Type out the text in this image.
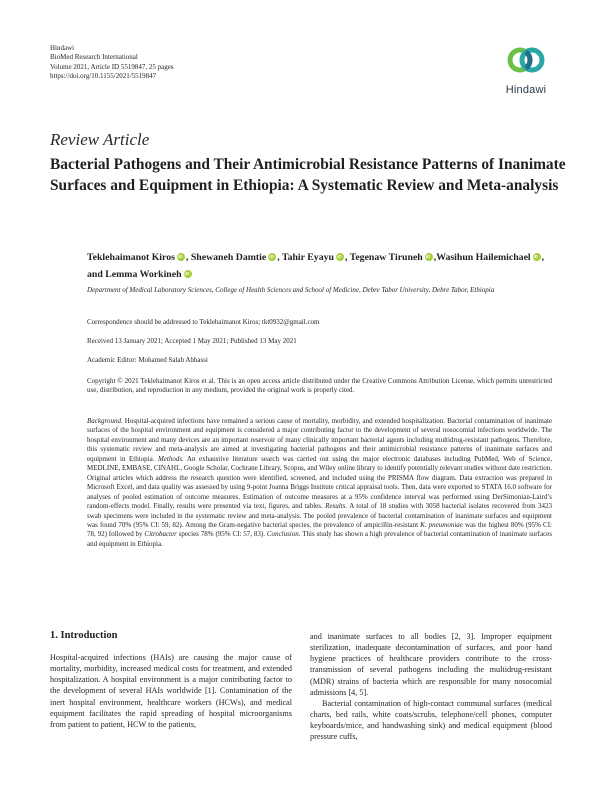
Hindawi
BioMed Research International
Volume 2021, Article ID 5519847, 25 pages
https://doi.org/10.1155/2021/5519847
Hindawi
Review Article
Bacterial Pathogens and Their Antimicrobial Resistance Patterns of Inanimate Surfaces and Equipment in Ethiopia: A Systematic Review and Meta-analysis
Teklehaimanot Kiros iD , Shewaneh Damtie iD , Tahir Eyayu iD , Tegenaw Tiruneh iD ,Wasihun Hailemichael iD , and Lemma WorkinehiD
Department of Medical Laboratory Sciences, College of Health Sciences and School of Medicine, Debre Tabor University, Debre Tabor, Ethiopia
Correspondence should be addressed to Teklehaimanot Kiros; tkt0932@gmail.com
Received 13 January 2021; Accepted 1 May 2021; Published 13 May 2021
Academic Editor: Mohamed Salah Abbassi
Copyright © 2021 Teklehaimanot Kiros et al. This is an open access article distributed under the Creative Commons Attribution License, which permits unrestricted use, distribution, and reproduction in any medium, provided the original work is properly cited.
Background. Hospital-acquired infections have remained a serious cause of mortality, morbidity, and extended hospitalization. Bacterial contamination of inanimate surfaces of the hospital environment and equipment is considered a major contributing factor to the development of several nosocomial infections worldwide. The hospital environment and many devices are an important reservoir of many clinically important bacterial agents including multidrug-resistant pathogens. Therefore, this systematic review and meta-analysis are aimed at investigating bacterial pathogens and their antimicrobial resistance patterns of inanimate surfaces and equipment in Ethiopia. Methods. An exhaustive literature search was carried out using the major electronic databases including PubMed, Web of Science, MEDLINE, EMBASE, CINAHL, Google Scholar, Cochrane Library, Scopus, and Wiley online library to identify potentially relevant studies without date restriction. Original articles which address the research question were identified, screened, and included using the PRISMA flow diagram. Data extraction was prepared in Microsoft Excel, and data quality was assessed by using 9-point Joanna Briggs Institute critical appraisal tools. Then, data were exported to STATA 16.0 software for analyses of pooled estimation of outcome measures. Estimation of outcome measures at a 95% confidence interval was performed using DerSimonian-Laird’s random-effects model. Finally, results were presented via text, figures, and tables. Results. A total of 18 studies with 3058 bacterial isolates recovered from 3423 swab specimens were included in the systematic review and meta-analysis. The pooled prevalence of bacterial contamination of inanimate surfaces and equipment was found 70% (95% CI: 59, 82). Among the Gram-negative bacterial species, the prevalence of ampicillin-resistant K. pneumoniae was the highest 80% (95% CI: 78, 92) followed by Citrobacter species 78% (95% CI: 57, 83). Conclusion. This study has shown a high prevalence of bacterial contamination of inanimate surfaces and equipment in Ethiopia.
1. Introduction

Hospital-acquired infections (HAIs) are causing the major cause of mortality, morbidity, increased medical costs for treatment, and extended hospitalization. A hospital environment is a major contributing factor to the development of several HAIs worldwide [1]. Contamination of the inert hospital environment, healthcare workers (HCWs), and medical equipment facilitates the rapid spreading of hospital microorganisms from patient to patient, HCW to the patients,

and inanimate surfaces to all bodies [2, 3]. Improper equipment sterilization, inadequate decontamination of surfaces, and poor hand hygiene practices of healthcare providers contribute to the cross-transmission of several pathogens including the multidrug-resistant (MDR) strains of bacteria which are responsible for many nosocomial admissions [4, 5].

Bacterial contamination of high-contact communal surfaces (medical charts, bed rails, white coats/scrubs, telephone/cell phones, computer keyboards/mice, and handwashing sink) and medical equipment (blood pressure cuffs,
